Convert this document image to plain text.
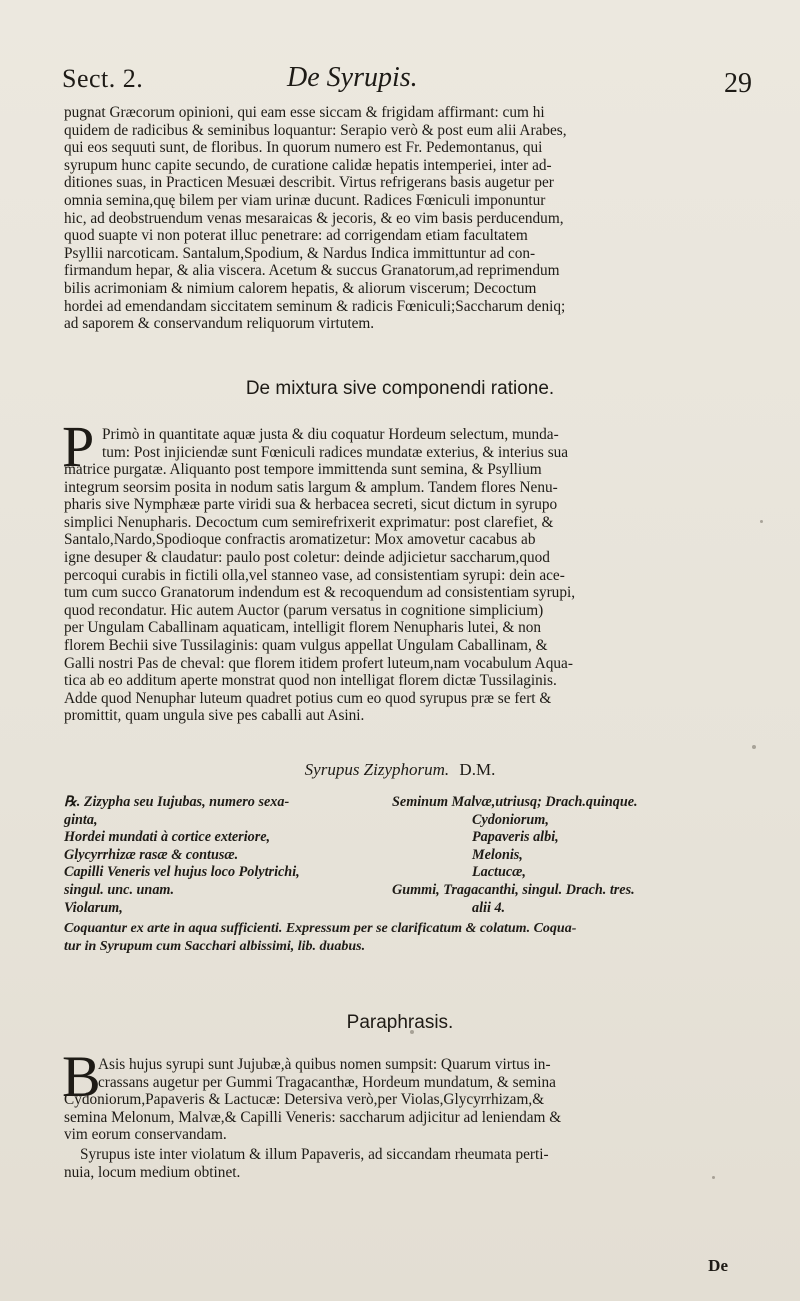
Sect. 2.	De Syrupis.	29
pugnat Græcorum opinioni, qui eam esse siccam & frigidam affirmant: cum hi
quidem de radicibus & seminibus loquantur: Serapio verò & post eum alii Arabes,
qui eos sequuti sunt, de floribus. In quorum numero est Fr. Pedemontanus, qui
syrupum hunc capite secundo, de curatione calidæ hepatis intemperiei, inter ad-
ditiones suas, in Practicen Mesuæi describit. Virtus refrigerans basis augetur per
omnia semina,quę bilem per viam urinæ ducunt. Radices Fœniculi imponuntur
hic, ad deobstruendum venas mesaraicas & jecoris, & eo vim basis perducendum,
quod suapte vi non poterat illuc penetrare: ad corrigendam etiam facultatem
Psyllii narcoticam. Santalum,Spodium, & Nardus Indica immittuntur ad con-
firmandum hepar, & alia viscera. Acetum & succus Granatorum,ad reprimendum
bilis acrimoniam & nimium calorem hepatis, & aliorum viscerum; Decoctum
hordei ad emendandam siccitatem seminum & radicis Fœniculi;Saccharum deniq;
ad saporem & conservandum reliquorum virtutem.
De mixtura sive componendi ratione.
P Primò in quantitate aquæ justa & diu coquatur Hordeum selectum, munda-
tum: Post injiciendæ sunt Fœniculi radices mundatæ exterius, & interius sua
matrice purgatæ. Aliquanto post tempore immittenda sunt semina, & Psyllium
integrum seorsim posita in nodum satis largum & amplum. Tandem flores Nenu-
pharis sive Nymphææ parte viridi sua & herbacea secreti, sicut dictum in syrupo
simplici Nenupharis. Decoctum cum semirefrixerit exprimatur: post clarefiet, &
Santalo,Nardo,Spodioque confractis aromatizetur: Mox amovetur cacabus ab
igne desuper & claudatur: paulo post coletur: deinde adjicietur saccharum,quod
percoqui curabis in fictili olla,vel stanneo vase, ad consistentiam syrupi: dein ace-
tum cum succo Granatorum indendum est & recoquendum ad consistentiam syrupi,
quod recondatur. Hic autem Auctor (parum versatus in cognitione simplicium)
per Ungulam Caballinam aquaticam, intelligit florem Nenupharis lutei, & non
florem Bechii sive Tussilaginis: quam vulgus appellat Ungulam Caballinam, &
Galli nostri Pas de cheval: que florem itidem profert luteum,nam vocabulum Aqua-
tica ab eo additum aperte monstrat quod non intelligat florem dictæ Tussilaginis.
Adde quod Nenuphar luteum quadret potius cum eo quod syrupus præ se fert &
promittit, quam ungula sive pes caballi aut Asini.
Syrupus Zizyphorum. D.M.
℞. Zizypha seu Iujubas, numero sexa-
ginta,
Hordei mundati à cortice exteriore,
Glycyrrhizæ rasæ & contusæ.
Capilli Veneris vel hujus loco Polytrichi,
singul. unc. unam.
Violarum,
Seminum Malvæ,utriusq; Drach.quinque.
Cydoniorum,
Papaveris albi,
Melonis,
Lactucæ,
Gummi, Tragacanthi, singul. Drach. tres.
alii 4.
Coquantur ex arte in aqua sufficienti. Expressum per se clarificatum & colatum. Coqua-
tur in Syrupum cum Sacchari albissimi, lib. duabus.
Paraphrasis.
B
Asis hujus syrupi sunt Jujubæ,à quibus nomen sumpsit: Quarum virtus in-
crassans augetur per Gummi Tragacanthæ, Hordeum mundatum, & semina
Cydoniorum,Papaveris & Lactucæ: Detersiva verò,per Violas,Glycyrrhizam,&
semina Melonum, Malvæ,& Capilli Veneris: saccharum adjicitur ad leniendam &
vim eorum conservandam.
Syrupus iste inter violatum & illum Papaveris, ad siccandam rheumata perti-
nuia, locum medium obtinet.
De
